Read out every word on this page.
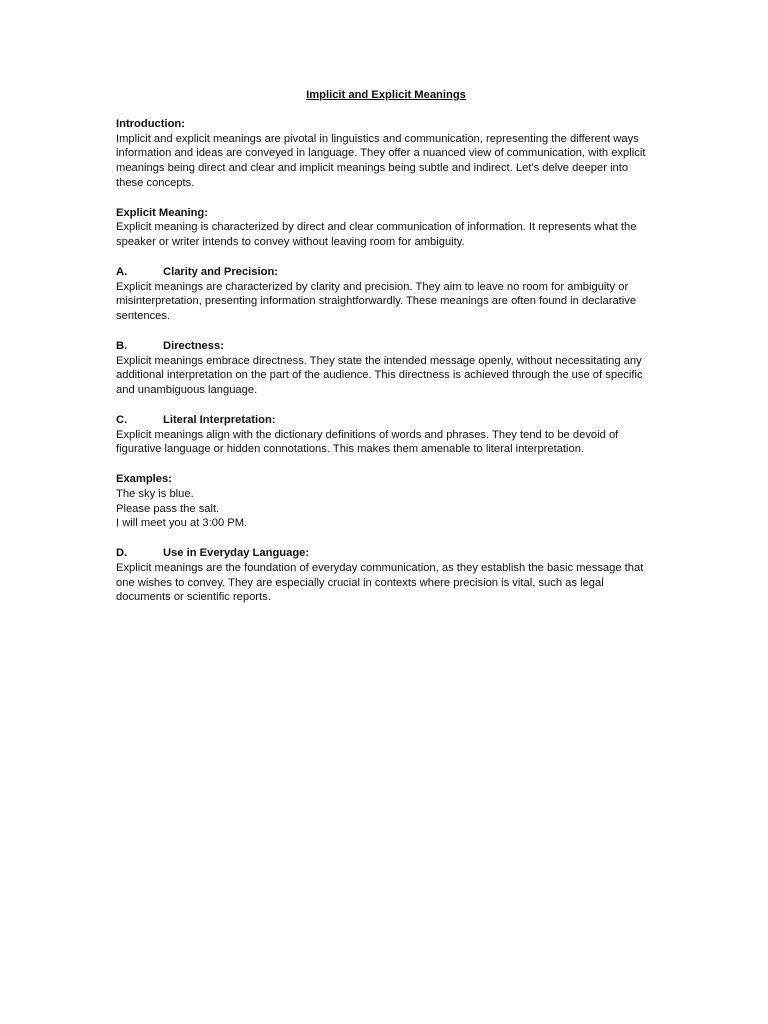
Implicit and Explicit Meanings

Introduction:

Implicit and explicit meanings are pivotal in linguistics and communication, representing the different ways information and ideas are conveyed in language. They offer a nuanced view of communication, with explicit meanings being direct and clear and implicit meanings being subtle and indirect. Let's delve deeper into these concepts.

Explicit Meaning:

Explicit meaning is characterized by direct and clear communication of information. It represents what the speaker or writer intends to convey without leaving room for ambiguity.

A.	Clarity and Precision:

Explicit meanings are characterized by clarity and precision. They aim to leave no room for ambiguity or misinterpretation, presenting information straightforwardly. These meanings are often found in declarative sentences.

B.	Directness:

Explicit meanings embrace directness. They state the intended message openly, without necessitating any additional interpretation on the part of the audience. This directness is achieved through the use of specific and unambiguous language.

C.	Literal Interpretation:

Explicit meanings align with the dictionary definitions of words and phrases. They tend to be devoid of figurative language or hidden connotations. This makes them amenable to literal interpretation.

Examples:

The sky is blue.

Please pass the salt.

I will meet you at 3:00 PM.

D.	Use in Everyday Language:

Explicit meanings are the foundation of everyday communication, as they establish the basic message that one wishes to convey. They are especially crucial in contexts where precision is vital, such as legal documents or scientific reports.
